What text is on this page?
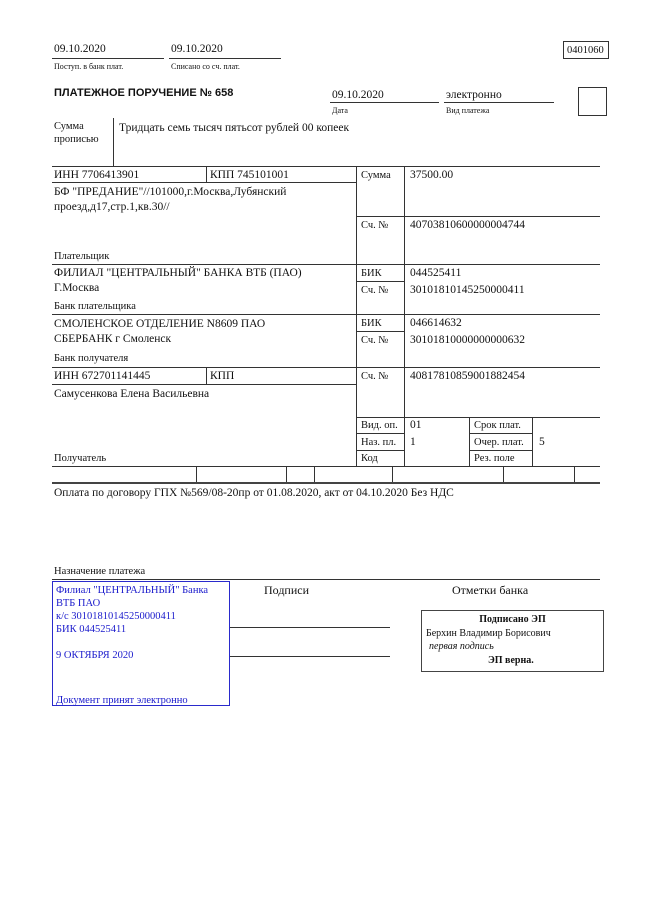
09.10.2020
Поступ. в банк плат.
09.10.2020
Списано со сч. плат.
0401060
ПЛАТЕЖНОЕ ПОРУЧЕНИЕ № 658	09.10.2020
Дата
электронно
Вид платежа
Сумма
прописью
Тридцать семь тысяч пятьсот рублей 00 копеек
ИНН 7706413901	КПП 745101001
БФ "ПРЕДАНИЕ"//101000,г.Москва,Лубянский
проезд,д17,стр.1,кв.30//
Плательщик
Сумма 37500.00
Сч. № 40703810600000004744
ФИЛИАЛ "ЦЕНТРАЛЬНЫЙ" БАНКА ВТБ (ПАО)
Г.Москва
Банк плательщика
БИК 044525411
Сч. № 30101810145250000411
СМОЛЕНСКОЕ ОТДЕЛЕНИЕ N8609 ПАО
СБЕРБАНК г Смоленск
Банк получателя
БИК 046614632
Сч. № 30101810000000000632
ИНН 672701141445	КПП
Самусенкова Елена Васильевна
Получатель
Сч. № 40817810859001882454
Вид. оп. 01
Наз. пл. 1
Код
Срок плат.
Очер. плат. 5
Рез. поле
Оплата по договору ГПХ №569/08-20пр от 01.08.2020, акт от 04.10.2020 Без НДС
Назначение платежа
Филиал "ЦЕНТРАЛЬНЫЙ" Банка
ВТБ ПАО
к/с 30101810145250000411
БИК 044525411
9 ОКТЯБРЯ 2020
Документ принят электронно
Подписи	Отметки банка
Подписано ЭП
Берхин Владимир Борисович
первая подпись
ЭП верна.
